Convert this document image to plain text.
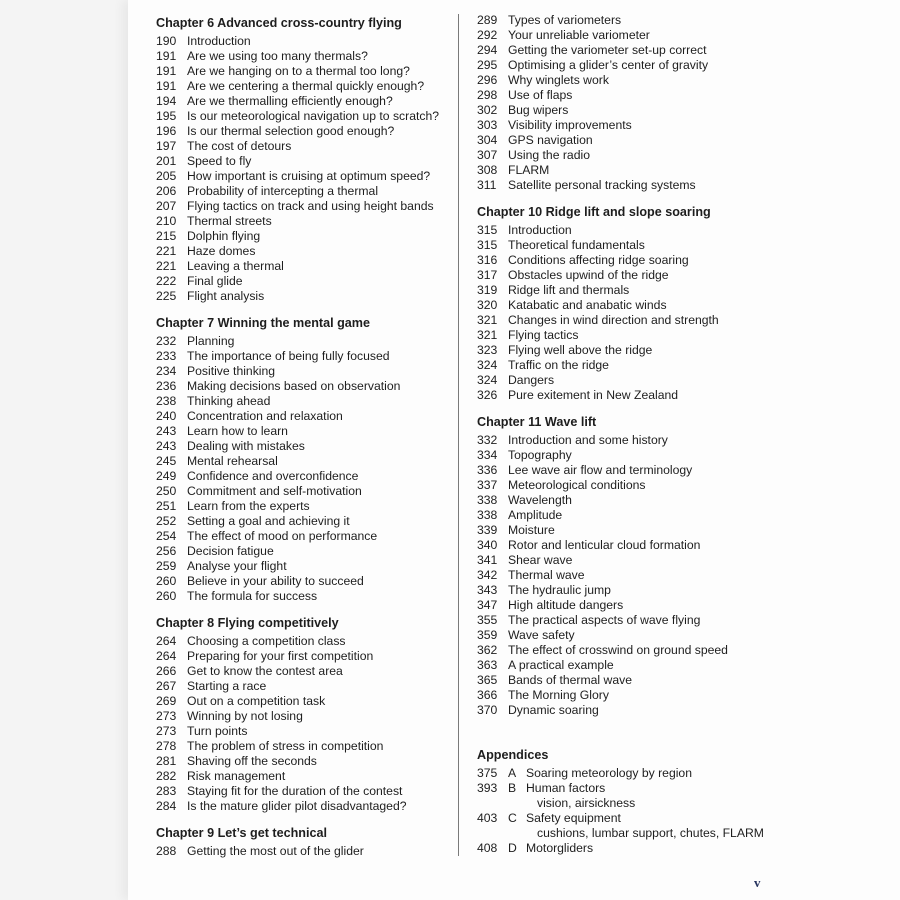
Chapter 6 Advanced cross-country flying
190 Introduction
191 Are we using too many thermals?
191 Are we hanging on to a thermal too long?
191 Are we centering a thermal quickly enough?
194 Are we thermalling efficiently enough?
195 Is our meteorological navigation up to scratch?
196 Is our thermal selection good enough?
197 The cost of detours
201 Speed to fly
205 How important is cruising at optimum speed?
206 Probability of intercepting a thermal
207 Flying tactics on track and using height bands
210 Thermal streets
215 Dolphin flying
221 Haze domes
221 Leaving a thermal
222 Final glide
225 Flight analysis
Chapter 7 Winning the mental game
232 Planning
233 The importance of being fully focused
234 Positive thinking
236 Making decisions based on observation
238 Thinking ahead
240 Concentration and relaxation
243 Learn how to learn
243 Dealing with mistakes
245 Mental rehearsal
249 Confidence and overconfidence
250 Commitment and self-motivation
251 Learn from the experts
252 Setting a goal and achieving it
254 The effect of mood on performance
256 Decision fatigue
259 Analyse your flight
260 Believe in your ability to succeed
260 The formula for success
Chapter 8 Flying competitively
264 Choosing a competition class
264 Preparing for your first competition
266 Get to know the contest area
267 Starting a race
269 Out on a competition task
273 Winning by not losing
273 Turn points
278 The problem of stress in competition
281 Shaving off the seconds
282 Risk management
283 Staying fit for the duration of the contest
284 Is the mature glider pilot disadvantaged?
Chapter 9 Let’s get technical
288 Getting the most out of the glider
289 Types of variometers
292 Your unreliable variometer
294 Getting the variometer set-up correct
295 Optimising a glider’s center of gravity
296 Why winglets work
298 Use of flaps
302 Bug wipers
303 Visibility improvements
304 GPS navigation
307 Using the radio
308 FLARM
311 Satellite personal tracking systems
Chapter 10 Ridge lift and slope soaring
315 Introduction
315 Theoretical fundamentals
316 Conditions affecting ridge soaring
317 Obstacles upwind of the ridge
319 Ridge lift and thermals
320 Katabatic and anabatic winds
321 Changes in wind direction and strength
321 Flying tactics
323 Flying well above the ridge
324 Traffic on the ridge
324 Dangers
326 Pure exitement in New Zealand
Chapter 11 Wave lift
332 Introduction and some history
334 Topography
336 Lee wave air flow and terminology
337 Meteorological conditions
338 Wavelength
338 Amplitude
339 Moisture
340 Rotor and lenticular cloud formation
341 Shear wave
342 Thermal wave
343 The hydraulic jump
347 High altitude dangers
355 The practical aspects of wave flying
359 Wave safety
362 The effect of crosswind on ground speed
363 A practical example
365 Bands of thermal wave
366 The Morning Glory
370 Dynamic soaring
Appendices
375 A Soaring meteorology by region
393 B Human factors
vision, airsickness
403 C Safety equipment
cushions, lumbar support, chutes, FLARM
408 D Motorgliders
v
